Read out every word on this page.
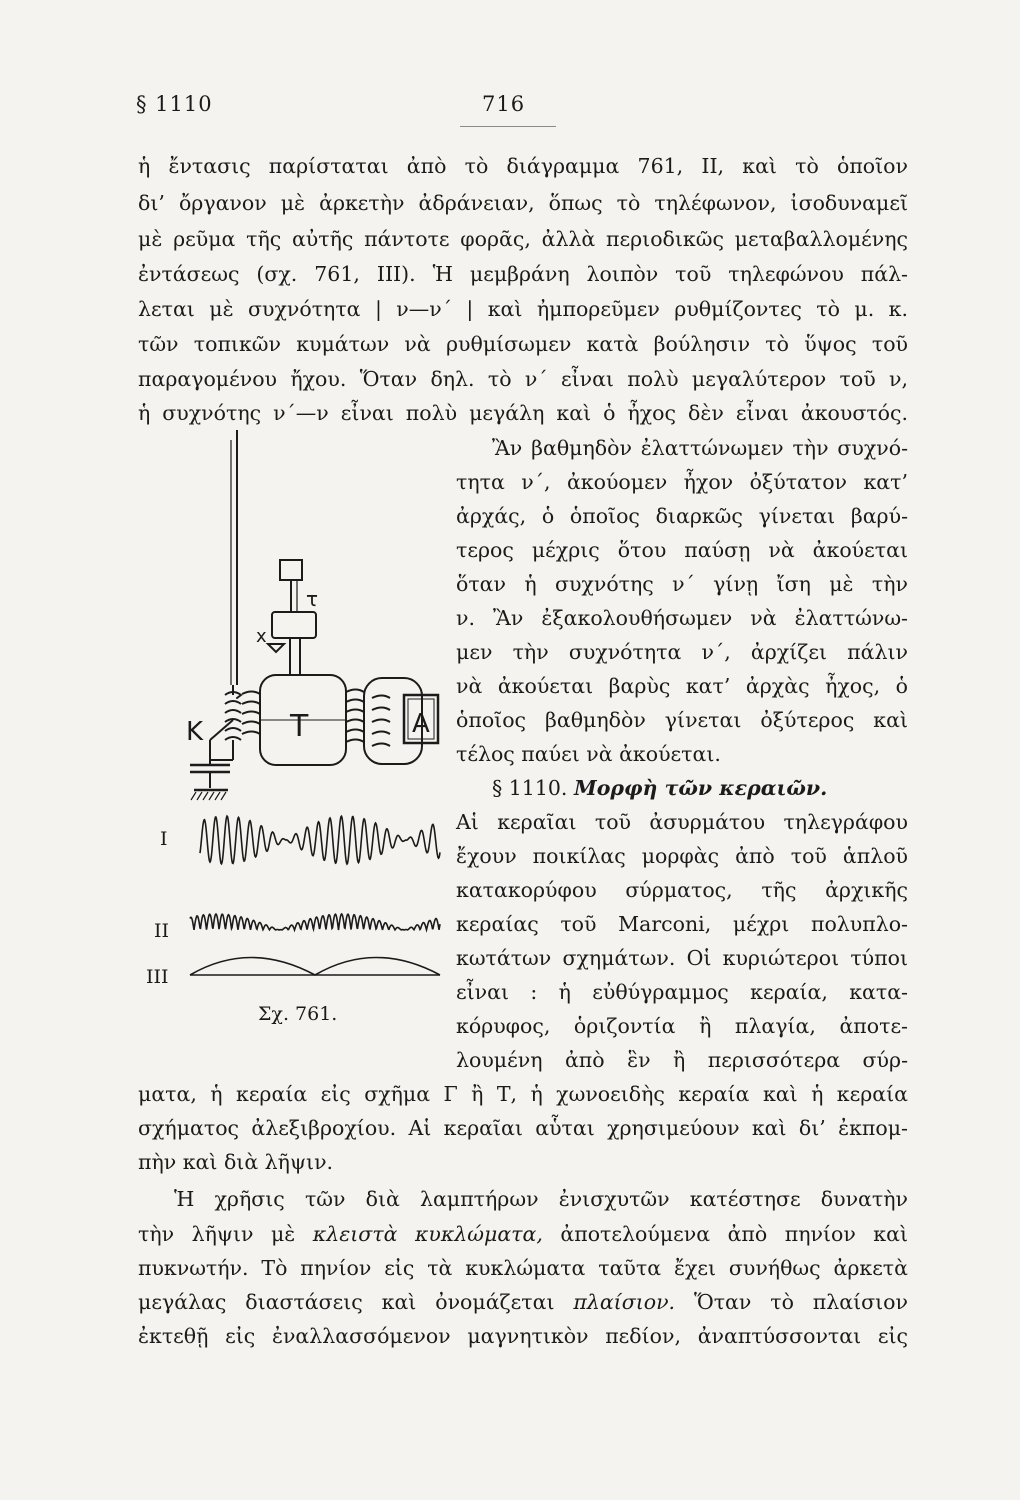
§ 1110	716
ἡ ἔντασις παρίσταται ἀπὸ τὸ διάγραμμα 761, II, καὶ τὸ ὁποῖον
δι’ ὄργανον μὲ ἀρκετὴν ἀδράνειαν, ὅπως τὸ τηλέφωνον, ἰσοδυναμεῖ
μὲ ρεῦμα τῆς αὐτῆς πάντοτε φορᾶς, ἀλλὰ περιοδικῶς μεταβαλλομένης
ἐντάσεως (σχ. 761, III). Ἡ μεμβράνη λοιπὸν τοῦ τηλεφώνου πάλ-
λεται μὲ συχνότητα | ν—ν΄ | καὶ ἠμπορεῦμεν ρυθμίζοντες τὸ μ. κ.
τῶν τοπικῶν κυμάτων νὰ ρυθμίσωμεν κατὰ βούλησιν τὸ ὕψος τοῦ
παραγομένου ἤχου. Ὅταν δηλ. τὸ ν΄ εἶναι πολὺ μεγαλύτερον τοῦ ν,
ἡ συχνότης ν΄—ν εἶναι πολὺ μεγάλη καὶ ὁ ἦχος δὲν εἶναι ἀκουστός.
Ἂν βαθμηδὸν ἐλαττώνωμεν τὴν συχνό-
τητα ν΄, ἀκούομεν ἦχον ὀξύτατον κατ’
ἀρχάς, ὁ ὁποῖος διαρκῶς γίνεται βαρύ-
τερος μέχρις ὅτου παύσῃ νὰ ἀκούεται
ὅταν ἡ συχνότης ν΄ γίνῃ ἴση μὲ τὴν
ν. Ἂν ἐξακολουθήσωμεν νὰ ἐλαττώνω-
μεν τὴν συχνότητα ν΄, ἀρχίζει πάλιν
νὰ ἀκούεται βαρὺς κατ’ ἀρχὰς ἦχος, ὁ
ὁποῖος βαθμηδὸν γίνεται ὀξύτερος καὶ
τέλος παύει νὰ ἀκούεται.
§ 1110. Μορφὴ τῶν κεραιῶν.
Αἱ κεραῖαι τοῦ ἀσυρμάτου τηλεγράφου
ἔχουν ποικίλας μορφὰς ἀπὸ τοῦ ἁπλοῦ
κατακορύφου σύρματος, τῆς ἀρχικῆς
κεραίας τοῦ Marconi, μέχρι πολυπλο-
κωτάτων σχημάτων. Οἱ κυριώτεροι τύποι
εἶναι : ἡ εὐθύγραμμος κεραία, κατα-
κόρυφος, ὁριζοντία ἢ πλαγία, ἀποτε-
λουμένη ἀπὸ ἓν ἢ περισσότερα σύρ-
ματα, ἡ κεραία εἰς σχῆμα Γ ἢ Τ, ἡ χωνοειδὴς κεραία καὶ ἡ κεραία
σχήματος ἀλεξιβροχίου. Αἱ κεραῖαι αὗται χρησιμεύουν καὶ δι’ ἐκπομ-
πὴν καὶ διὰ λῆψιν.
Ἡ χρῆσις τῶν διὰ λαμπτήρων ἐνισχυτῶν κατέστησε δυνατὴν
τὴν λῆψιν μὲ κλειστὰ κυκλώματα, ἀποτελούμενα ἀπὸ πηνίον καὶ
πυκνωτήν. Τὸ πηνίον εἰς τὰ κυκλώματα ταῦτα ἔχει συνήθως ἀρκετὰ
μεγάλας διαστάσεις καὶ ὀνομάζεται πλαίσιον. Ὅταν τὸ πλαίσιον
ἐκτεθῇ εἰς ἐναλλασσόμενον μαγνητικὸν πεδίον, ἀναπτύσσονται εἰς
K
x
τ
T	A
I
II
III
Σχ. 761.
